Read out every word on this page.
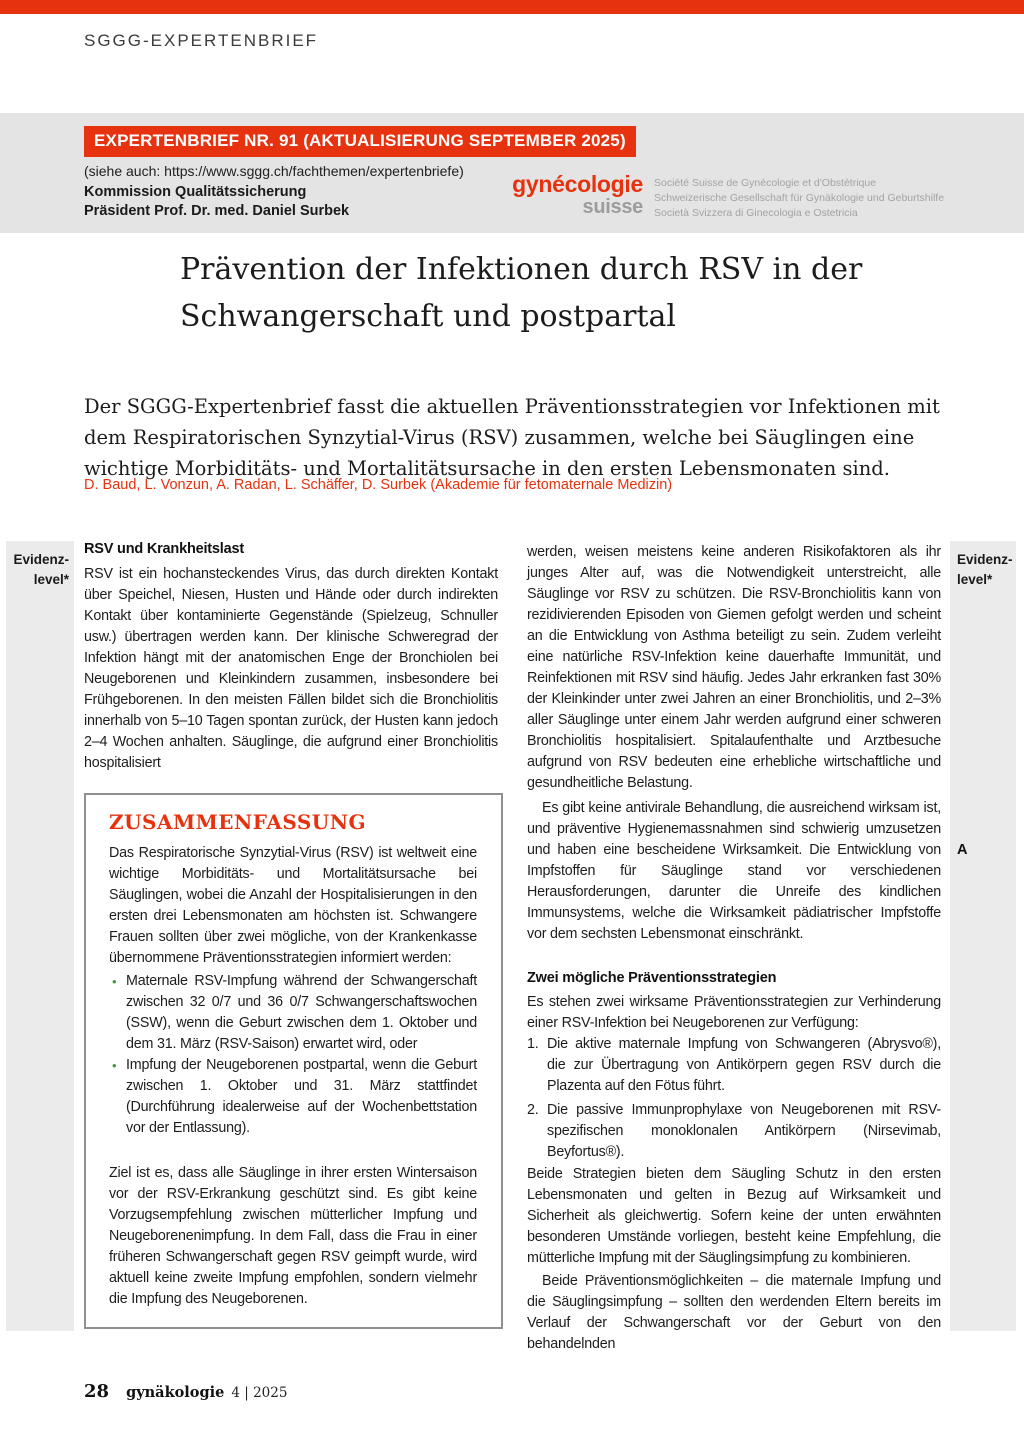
SGGG-EXPERTENBRIEF
EXPERTENBRIEF NR. 91 (AKTUALISIERUNG SEPTEMBER 2025)
(siehe auch: https://www.sggg.ch/fachthemen/expertenbriefe)
Kommission Qualitätssicherung
Präsident Prof. Dr. med. Daniel Surbek
gynécologie
suisse
Société Suisse de Gynécologie et d'Obstétrique
Schweizerische Gesellschaft für Gynäkologie und Geburtshilfe
Società Svizzera di Ginecologia e Ostetricia
Prävention der Infektionen durch RSV in der Schwangerschaft und postpartal
Der SGGG-Expertenbrief fasst die aktuellen Präventionsstrategien vor Infektionen mit dem Respiratorischen Synzytial-Virus (RSV) zusammen, welche bei Säuglingen eine wichtige Morbiditäts- und Mortalitätsursache in den ersten Lebensmonaten sind.
D. Baud, L. Vonzun, A. Radan, L. Schäffer, D. Surbek (Akademie für fetomaternale Medizin)
Evidenz-
level*
RSV und Krankheitslast
RSV ist ein hochansteckendes Virus, das durch direkten Kontakt über Speichel, Niesen, Husten und Hände oder durch indirekten Kontakt über kontaminierte Gegenstände (Spielzeug, Schnuller usw.) übertragen werden kann. Der klinische Schweregrad der Infektion hängt mit der anatomischen Enge der Bronchiolen bei Neugeborenen und Kleinkindern zusammen, insbesondere bei Frühgeborenen. In den meisten Fällen bildet sich die Bronchiolitis innerhalb von 5–10 Tagen spontan zurück, der Husten kann jedoch 2–4 Wochen anhalten. Säuglinge, die aufgrund einer Bronchiolitis hospitalisiert
ZUSAMMENFASSUNG
Das Respiratorische Synzytial-Virus (RSV) ist weltweit eine wichtige Morbiditäts- und Mortalitätsursache bei Säuglingen, wobei die Anzahl der Hospitalisierungen in den ersten drei Lebensmonaten am höchsten ist. Schwangere Frauen sollten über zwei mögliche, von der Krankenkasse übernommene Präventionsstrategien informiert werden:
• Maternale RSV-Impfung während der Schwangerschaft zwischen 32 0/7 und 36 0/7 Schwangerschaftswochen (SSW), wenn die Geburt zwischen dem 1. Oktober und dem 31. März (RSV-Saison) erwartet wird, oder
• Impfung der Neugeborenen postpartal, wenn die Geburt zwischen 1. Oktober und 31. März stattfindet (Durchführung idealerweise auf der Wochenbettstation vor der Entlassung).
Ziel ist es, dass alle Säuglinge in ihrer ersten Wintersaison vor der RSV-Erkrankung geschützt sind. Es gibt keine Vorzugsempfehlung zwischen mütterlicher Impfung und Neugeborenenimpfung. In dem Fall, dass die Frau in einer früheren Schwangerschaft gegen RSV geimpft wurde, wird aktuell keine zweite Impfung empfohlen, sondern vielmehr die Impfung des Neugeborenen.
werden, weisen meistens keine anderen Risikofaktoren als ihr junges Alter auf, was die Notwendigkeit unterstreicht, alle Säuglinge vor RSV zu schützen. Die RSV-Bronchiolitis kann von rezidivierenden Episoden von Giemen gefolgt werden und scheint an die Entwicklung von Asthma beteiligt zu sein. Zudem verleiht eine natürliche RSV-Infektion keine dauerhafte Immunität, und Reinfektionen mit RSV sind häufig. Jedes Jahr erkranken fast 30% der Kleinkinder unter zwei Jahren an einer Bronchiolitis, und 2–3% aller Säuglinge unter einem Jahr werden aufgrund einer schweren Bronchiolitis hospitalisiert. Spitalaufenthalte und Arztbesuche aufgrund von RSV bedeuten eine erhebliche wirtschaftliche und gesundheitliche Belastung.
Es gibt keine antivirale Behandlung, die ausreichend wirksam ist, und präventive Hygienemassnahmen sind schwierig umzusetzen und haben eine bescheidene Wirksamkeit. Die Entwicklung von Impfstoffen für Säuglinge stand vor verschiedenen Herausforderungen, darunter die Unreife des kindlichen Immunsystems, welche die Wirksamkeit pädiatrischer Impfstoffe vor dem sechsten Lebensmonat einschränkt.
Zwei mögliche Präventionsstrategien
Es stehen zwei wirksame Präventionsstrategien zur Verhinderung einer RSV-Infektion bei Neugeborenen zur Verfügung:
1. Die aktive maternale Impfung von Schwangeren (Abrysvo®), die zur Übertragung von Antikörpern gegen RSV durch die Plazenta auf den Fötus führt.
2. Die passive Immunprophylaxe von Neugeborenen mit RSV-spezifischen monoklonalen Antikörpern (Nirsevimab, Beyfortus®).
Beide Strategien bieten dem Säugling Schutz in den ersten Lebensmonaten und gelten in Bezug auf Wirksamkeit und Sicherheit als gleichwertig. Sofern keine der unten erwähnten besonderen Umstände vorliegen, besteht keine Empfehlung, die mütterliche Impfung mit der Säuglingsimpfung zu kombinieren.
Beide Präventionsmöglichkeiten – die maternale Impfung und die Säuglingsimpfung – sollten den werdenden Eltern bereits im Verlauf der Schwangerschaft vor der Geburt von den behandelnden
Evidenz-
level*
A
28 gynäkologie 4 | 2025
